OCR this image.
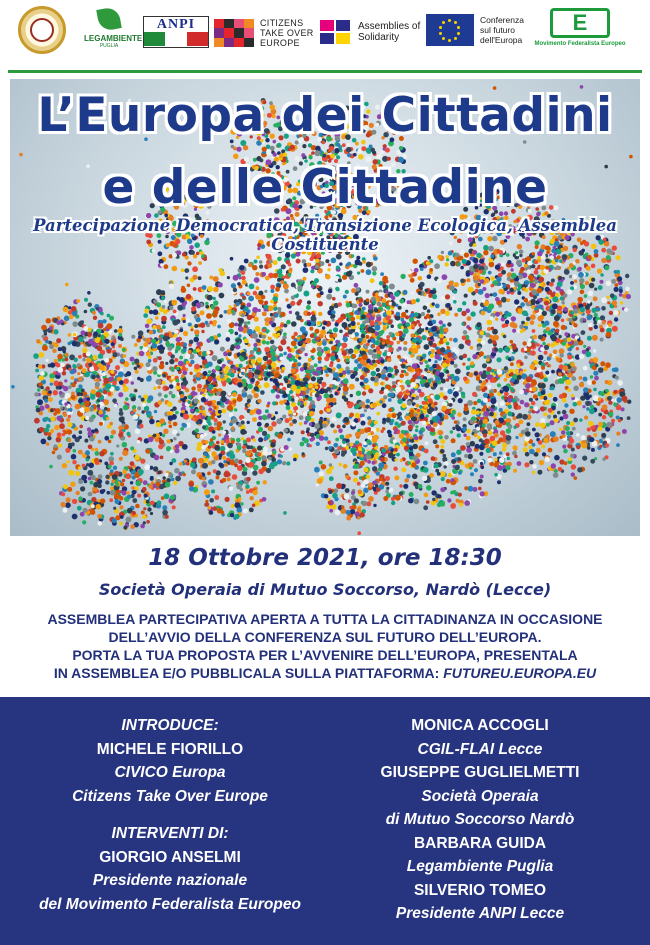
LEGAMBIENTE
PUGLIA
ANPI	CITIZENS TAKE OVER EUROPE
Assemblies of Solidarity
Conferenza sul futuro dell'Europa
E
Movimento Federalista Europeo
L’Europa dei Cittadini
e delle Cittadine
Partecipazione Democratica, Transizione Ecologica, Assemblea Costituente
18 Ottobre 2021, ore 18:30
Società Operaia di Mutuo Soccorso, Nardò (Lecce)
ASSEMBLEA PARTECIPATIVA APERTA A TUTTA LA CITTADINANZA IN OCCASIONE
DELL’AVVIO DELLA CONFERENZA SUL FUTURO DELL’EUROPA.
PORTA LA TUA PROPOSTA PER L’AVVENIRE DELL’EUROPA, PRESENTALA
IN ASSEMBLEA E/O PUBBLICALA SULLA PIATTAFORMA: FUTUREU.EUROPA.EU
INTRODUCE:
MICHELE FIORILLO
CIVICO Europa
Citizens Take Over Europe
INTERVENTI DI:
GIORGIO ANSELMI
Presidente nazionale
del Movimento Federalista Europeo
MONICA ACCOGLI
CGIL-FLAI Lecce
GIUSEPPE GUGLIELMETTI
Società Operaia
di Mutuo Soccorso Nardò
BARBARA GUIDA
Legambiente Puglia
SILVERIO TOMEO
Presidente ANPI Lecce
